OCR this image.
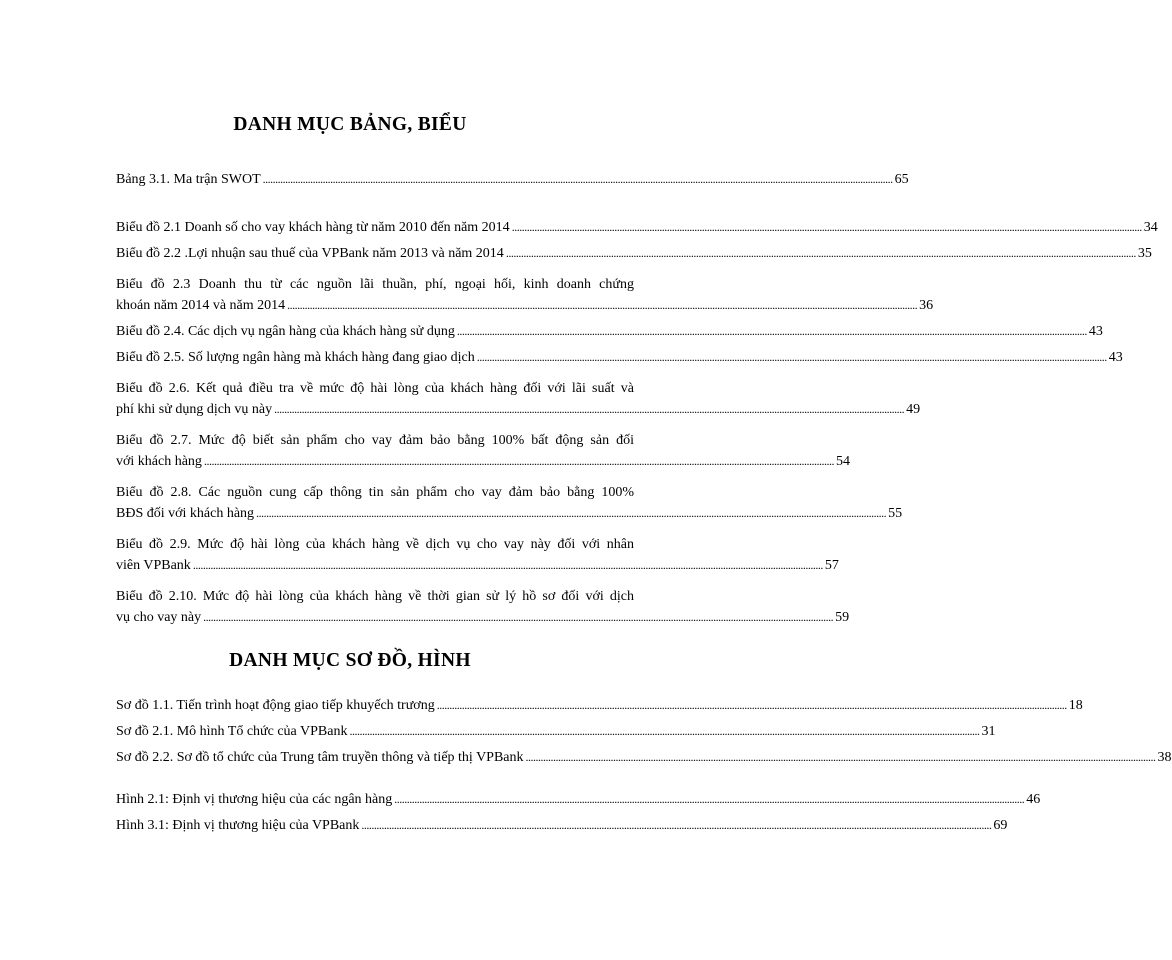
DANH MỤC BẢNG, BIỂU
Bảng 3.1. Ma trận SWOT ............................................................................................................................................................................................................................................................ 65
Biểu đồ 2.1 Doanh số cho vay khách hàng từ năm 2010 đến năm 2014 ............................................................................................................................................................................................................................................................ 34
Biểu đồ 2.2 .Lợi nhuận sau thuế của VPBank năm 2013 và năm 2014 ............................................................................................................................................................................................................................................................ 35
Biểu đồ 2.3 Doanh thu từ các nguồn lãi thuần, phí, ngoại hối, kinh doanh chứng
khoán năm 2014 và năm 2014 ............................................................................................................................................................................................................................................................ 36
Biểu đồ 2.4. Các dịch vụ ngân hàng của khách hàng sử dụng ............................................................................................................................................................................................................................................................ 43
Biểu đồ 2.5. Số lượng ngân hàng mà khách hàng đang giao dịch ............................................................................................................................................................................................................................................................ 43
Biểu đồ 2.6. Kết quả điều tra về mức độ hài lòng của khách hàng đối với lãi suất và
phí khi sử dụng dịch vụ này ............................................................................................................................................................................................................................................................ 49
Biểu đồ 2.7. Mức độ biết sản phẩm cho vay đảm bảo bằng 100% bất động sản đối
với khách hàng ............................................................................................................................................................................................................................................................ 54
Biểu đồ 2.8. Các nguồn cung cấp thông tin sản phẩm cho vay đảm bảo bằng 100%
BĐS đối với khách hàng ............................................................................................................................................................................................................................................................ 55
Biểu đồ 2.9. Mức độ hài lòng của khách hàng về dịch vụ cho vay này đối với nhân
viên VPBank ............................................................................................................................................................................................................................................................ 57
Biểu đồ 2.10. Mức độ hài lòng của khách hàng về thời gian sử lý hồ sơ đối với dịch
vụ cho vay này ............................................................................................................................................................................................................................................................ 59
DANH MỤC SƠ ĐỒ, HÌNH
Sơ đồ 1.1. Tiến trình hoạt động giao tiếp khuyếch trương ............................................................................................................................................................................................................................................................ 18
Sơ đồ 2.1. Mô hình Tổ chức của VPBank ............................................................................................................................................................................................................................................................ 31
Sơ đồ 2.2. Sơ đồ tổ chức của Trung tâm truyền thông và tiếp thị VPBank ............................................................................................................................................................................................................................................................ 38
Hình 2.1: Định vị thương hiệu của các ngân hàng ............................................................................................................................................................................................................................................................ 46
Hình 3.1: Định vị thương hiệu của VPBank ............................................................................................................................................................................................................................................................ 69
